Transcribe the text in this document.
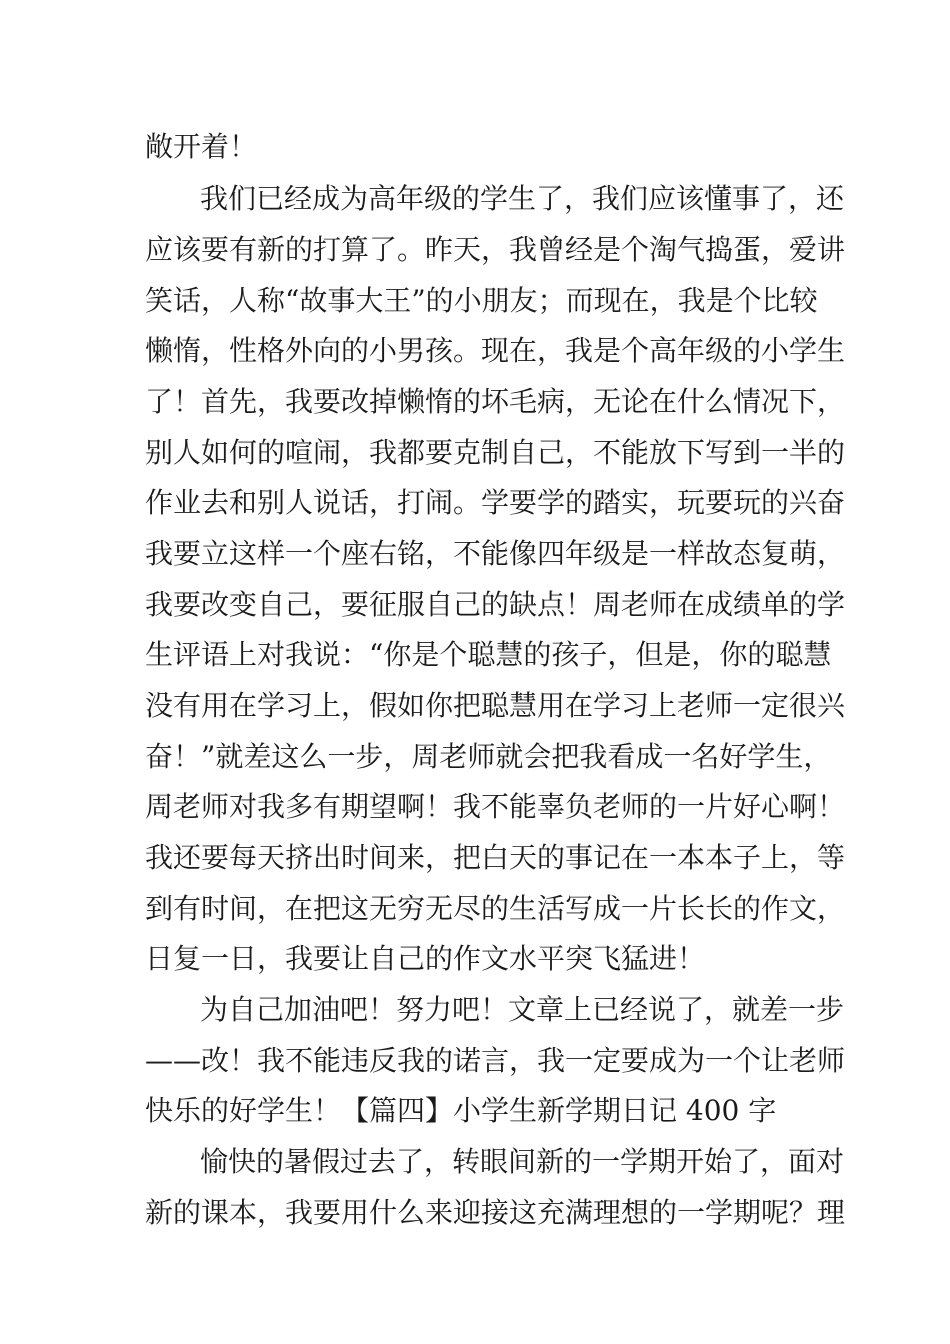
敞开着！
我们已经成为高年级的学生了，我们应该懂事了，还
应该要有新的打算了。昨天，我曾经是个淘气捣蛋，爱讲
笑话，人称“故事大王”的小朋友；而现在，我是个比较
懒惰，性格外向的小男孩。现在，我是个高年级的小学生
了！首先，我要改掉懒惰的坏毛病，无论在什么情况下，
别人如何的喧闹，我都要克制自己，不能放下写到一半的
作业去和别人说话，打闹。学要学的踏实，玩要玩的兴奋
我要立这样一个座右铭，不能像四年级是一样故态复萌，
我要改变自己，要征服自己的缺点！周老师在成绩单的学
生评语上对我说：“你是个聪慧的孩子，但是，你的聪慧
没有用在学习上，假如你把聪慧用在学习上老师一定很兴
奋！”就差这么一步，周老师就会把我看成一名好学生，
周老师对我多有期望啊！我不能辜负老师的一片好心啊！
我还要每天挤出时间来，把白天的事记在一本本子上，等
到有时间，在把这无穷无尽的生活写成一片长长的作文，
日复一日，我要让自己的作文水平突飞猛进！
为自己加油吧！努力吧！文章上已经说了，就差一步
——改！我不能违反我的诺言，我一定要成为一个让老师
快乐的好学生！【篇四】小学生新学期日记 400 字
愉快的暑假过去了，转眼间新的一学期开始了，面对
新的课本，我要用什么来迎接这充满理想的一学期呢？理
